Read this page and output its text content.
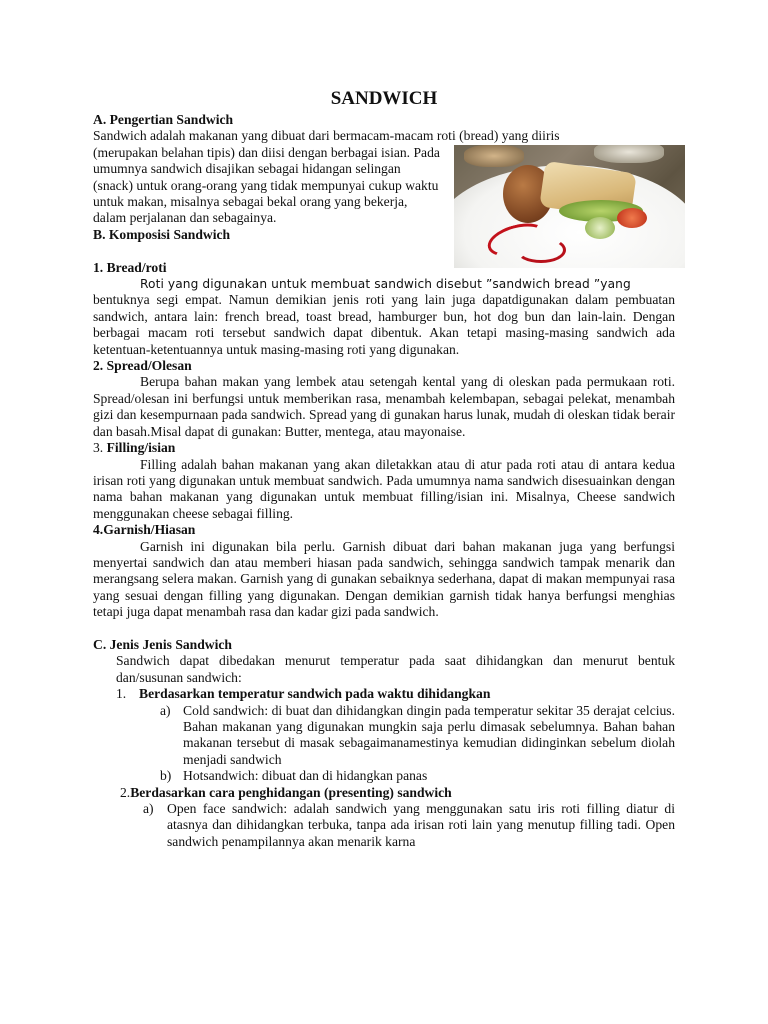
SANDWICH

A. Pengertian Sandwich

Sandwich adalah makanan yang dibuat dari bermacam-macam roti (bread) yang diiris

(merupakan belahan tipis) dan diisi dengan berbagai isian. Pada umumnya sandwich disajikan sebagai hidangan selingan (snack) untuk orang-orang yang tidak mempunyai cukup waktu untuk makan, misalnya sebagai bekal orang yang bekerja, dalam perjalanan dan sebagainya.

B. Komposisi Sandwich

1. Bread/roti

Roti yang digunakan untuk membuat sandwich disebut ”sandwich bread ”yang

bentuknya segi empat. Namun demikian jenis roti yang lain juga dapatdigunakan dalam pembuatan sandwich, antara lain: french bread, toast bread, hamburger bun, hot dog bun dan lain-lain. Dengan berbagai macam roti tersebut sandwich dapat dibentuk. Akan tetapi masing-masing sandwich ada ketentuan-ketentuannya untuk masing-masing roti yang digunakan.

2. Spread/Olesan

Berupa bahan makan yang lembek atau setengah kental yang di oleskan pada permukaan roti. Spread/olesan ini berfungsi untuk memberikan rasa, menambah kelembapan, sebagai pelekat, menambah gizi dan kesempurnaan pada sandwich. Spread yang di gunakan harus lunak, mudah di oleskan tidak berair dan basah.Misal dapat di gunakan: Butter, mentega, atau mayonaise.

3. Filling/isian

Filling adalah bahan makanan yang akan diletakkan atau di atur pada roti atau di antara kedua irisan roti yang digunakan untuk membuat sandwich. Pada umumnya nama sandwich disesuainkan dengan nama bahan makanan yang digunakan untuk membuat filling/isian ini. Misalnya, Cheese sandwich menggunakan cheese sebagai filling.

4.Garnish/Hiasan

Garnish ini digunakan bila perlu. Garnish dibuat dari bahan makanan juga yang berfungsi menyertai sandwich dan atau memberi hiasan pada sandwich, sehingga sandwich tampak menarik dan merangsang selera makan. Garnish yang di gunakan sebaiknya sederhana, dapat di makan mempunyai rasa yang sesuai dengan filling yang digunakan. Dengan demikian garnish tidak hanya berfungsi menghias tetapi juga dapat menambah rasa dan kadar gizi pada sandwich.

C. Jenis Jenis Sandwich

Sandwich dapat dibedakan menurut temperatur pada saat dihidangkan dan menurut bentuk dan/susunan sandwich:

1. Berdasarkan temperatur sandwich pada waktu dihidangkan

a) Cold sandwich: di buat dan dihidangkan dingin pada temperatur sekitar 35 derajat celcius. Bahan makanan yang digunakan mungkin saja perlu dimasak sebelumnya. Bahan bahan makanan tersebut di masak sebagaimanamestinya kemudian didinginkan sebelum diolah menjadi sandwich
b) Hotsandwich: dibuat dan di hidangkan panas

2.Berdasarkan cara penghidangan (presenting) sandwich

a) Open face sandwich: adalah sandwich yang menggunakan satu iris roti filling diatur di atasnya dan dihidangkan terbuka, tanpa ada irisan roti lain yang menutup filling tadi. Open sandwich penampilannya akan menarik karna
